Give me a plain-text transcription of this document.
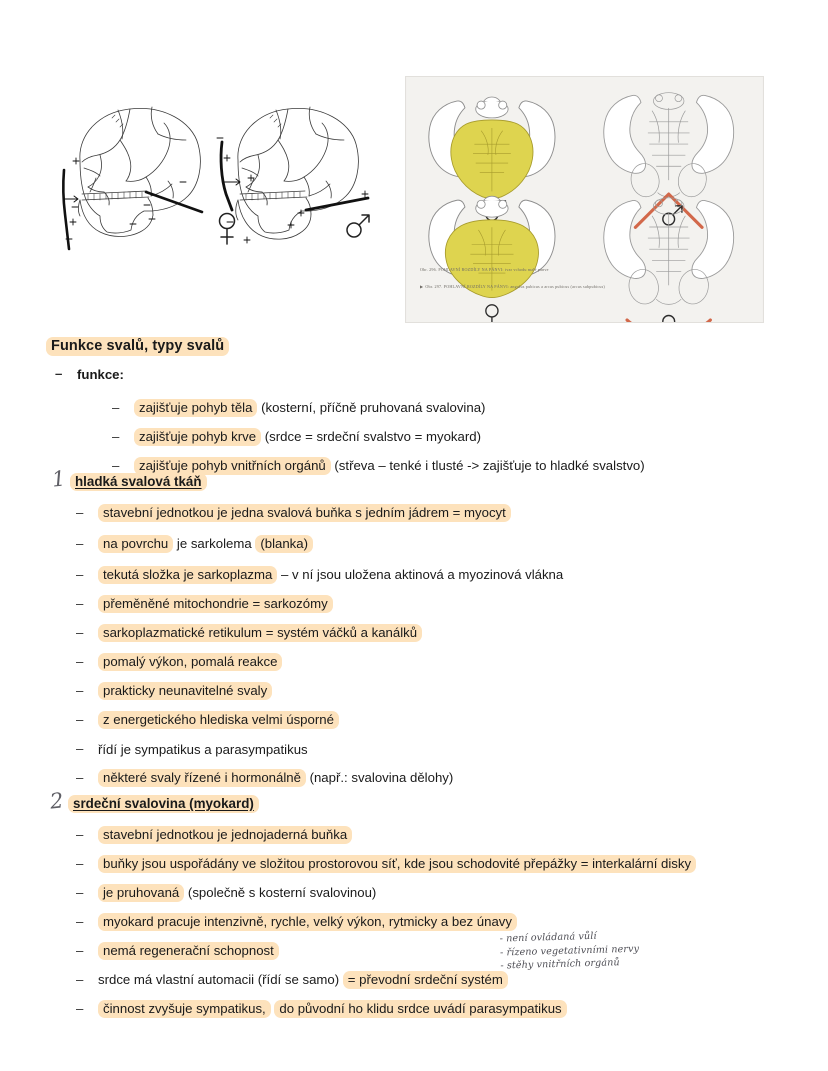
Obr. 296. POHLAVNÍ ROZDÍLY NA PÁNVI: tvar vchodu malé pánve
▶ Obr. 297. POHLAVNÍ ROZDÍLY NA PÁNVI: angulus pubicus a arcus pubicus (arcus subpubicus)
Funkce svalů, typy svalů
–	funkce:
–	zajišťuje pohyb těla (kosterní, příčně pruhovaná svalovina)
–	zajišťuje pohyb krve (srdce = srdeční svalstvo = myokard)
–	zajišťuje pohyb vnitřních orgánů (střeva – tenké i tlusté -> zajišťuje to hladké svalstvo)
1 hladká svalová tkáň
–	stavební jednotkou je jedna svalová buňka s jedním jádrem = myocyt
–	na povrchu je sarkolema (blanka)
–	tekutá složka je sarkoplazma – v ní jsou uložena aktinová a myozinová vlákna
–	přeměněné mitochondrie = sarkozómy
–	sarkoplazmatické retikulum = systém váčků a kanálků
–	pomalý výkon, pomalá reakce
–	prakticky neunavitelné svaly
–	z energetického hlediska velmi úsporné
–	řídí je sympatikus a parasympatikus
–	některé svaly řízené i hormonálně (např.: svalovina dělohy)
2 srdeční svalovina (myokard)
–	stavební jednotkou je jednojaderná buňka
–	buňky jsou uspořádány ve složitou prostorovou síť, kde jsou schodovité přepážky = interkalární disky
–	je pruhovaná (společně s kosterní svalovinou)
–	myokard pracuje intenzivně, rychle, velký výkon, rytmicky a bez únavy
–	nemá regenerační schopnost
–	srdce má vlastní automacii (řídí se samo) = převodní srdeční systém
–	činnost zvyšuje sympatikus, do původní ho klidu srdce uvádí parasympatikus
- není ovládaná vůlí
- řízeno vegetativními nervy
- stěhy vnitřních orgánů
